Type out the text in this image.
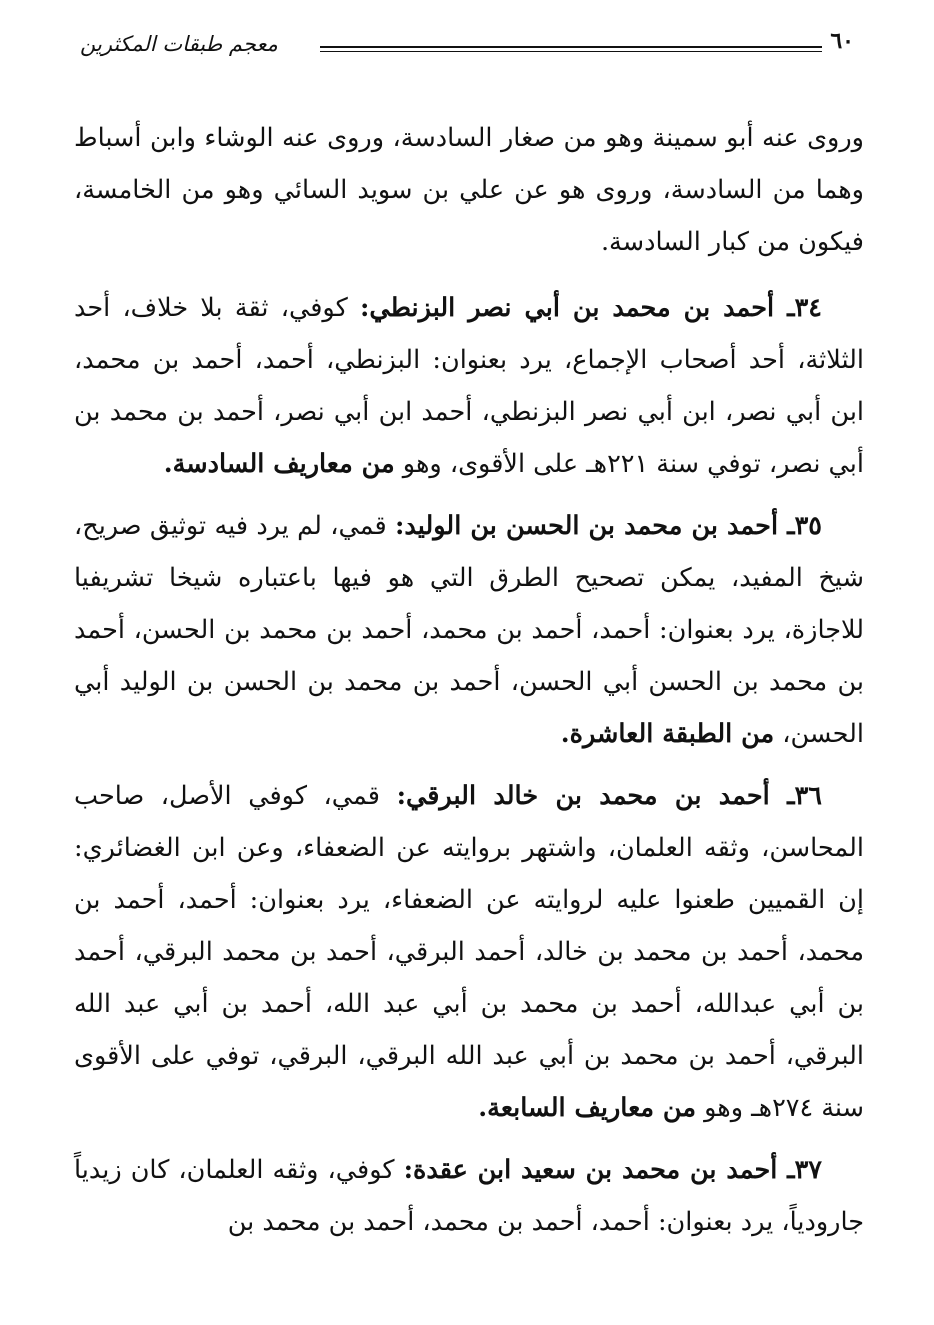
٦٠
معجم طبقات المكثرين

وروى عنه أبو سمينة وهو من صغار السادسة، وروى عنه الوشاء وابن أسباط وهما من السادسة، وروى هو عن علي بن سويد السائي وهو من الخامسة، فيكون من كبار السادسة.

٣٤ـ أحمد بن محمد بن أبي نصر البزنطي: كوفي، ثقة بلا خلاف، أحد الثلاثة، أحد أصحاب الإجماع، يرد بعنوان: البزنطي، أحمد، أحمد بن محمد، ابن أبي نصر، ابن أبي نصر البزنطي، أحمد ابن أبي نصر، أحمد بن محمد بن أبي نصر، توفي سنة ٢٢١هـ على الأقوى، وهو من معاريف السادسة.

٣٥ـ أحمد بن محمد بن الحسن بن الوليد: قمي، لم يرد فيه توثيق صريح، شيخ المفيد، يمكن تصحيح الطرق التي هو فيها باعتباره شيخا تشريفيا للاجازة، يرد بعنوان: أحمد، أحمد بن محمد، أحمد بن محمد بن الحسن، أحمد بن محمد بن الحسن أبي الحسن، أحمد بن محمد بن الحسن بن الوليد أبي الحسن، من الطبقة العاشرة.

٣٦ـ أحمد بن محمد بن خالد البرقي: قمي، كوفي الأصل، صاحب المحاسن، وثقه العلمان، واشتهر بروايته عن الضعفاء، وعن ابن الغضائري: إن القميين طعنوا عليه لروايته عن الضعفاء، يرد بعنوان: أحمد، أحمد بن محمد، أحمد بن محمد بن خالد، أحمد البرقي، أحمد بن محمد البرقي، أحمد بن أبي عبدالله، أحمد بن محمد بن أبي عبد الله، أحمد بن أبي عبد الله البرقي، أحمد بن محمد بن أبي عبد الله البرقي، البرقي، توفي على الأقوى سنة ٢٧٤هـ وهو من معاريف السابعة.

٣٧ـ أحمد بن محمد بن سعيد ابن عقدة: كوفي، وثقه العلمان، كان زيدياً جارودياً، يرد بعنوان: أحمد، أحمد بن محمد، أحمد بن محمد بن
